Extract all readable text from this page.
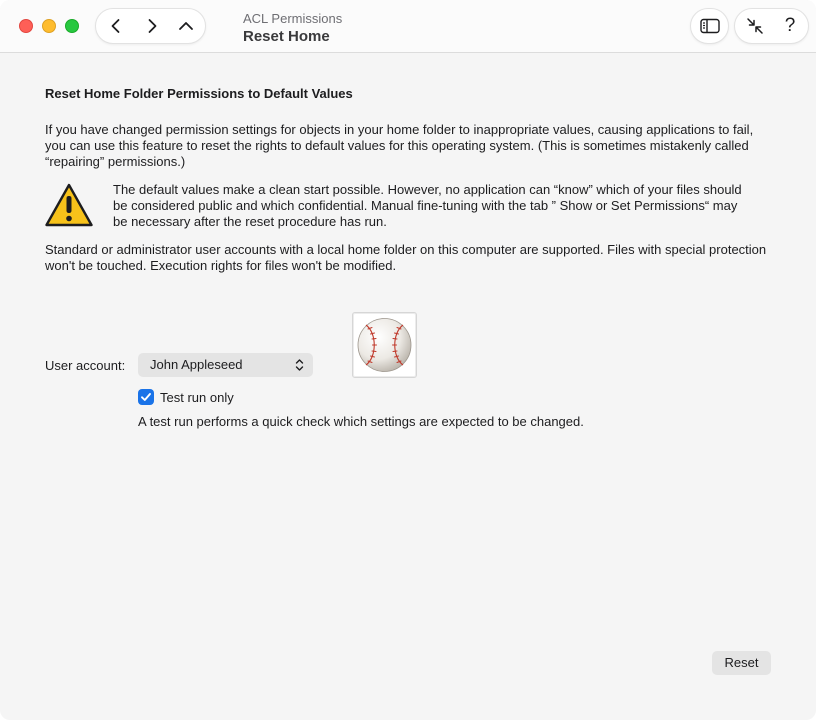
ACL Permissions
Reset Home
?
Reset Home Folder Permissions to Default Values
If you have changed permission settings for objects in your home folder to inappropriate values, causing applications to fail, you can use this feature to reset the rights to default values for this operating system. (This is sometimes mistakenly called “repairing” permissions.)
The default values make a clean start possible. However, no application can “know” which of your files should be considered public and which confidential. Manual fine-tuning with the tab ” Show or Set Permissions“ may be necessary after the reset procedure has run.
Standard or administrator user accounts with a local home folder on this computer are supported. Files with special protection won't be touched. Execution rights for files won't be modified.
User account:	John Appleseed
Test run only
A test run performs a quick check which settings are expected to be changed.
Reset
